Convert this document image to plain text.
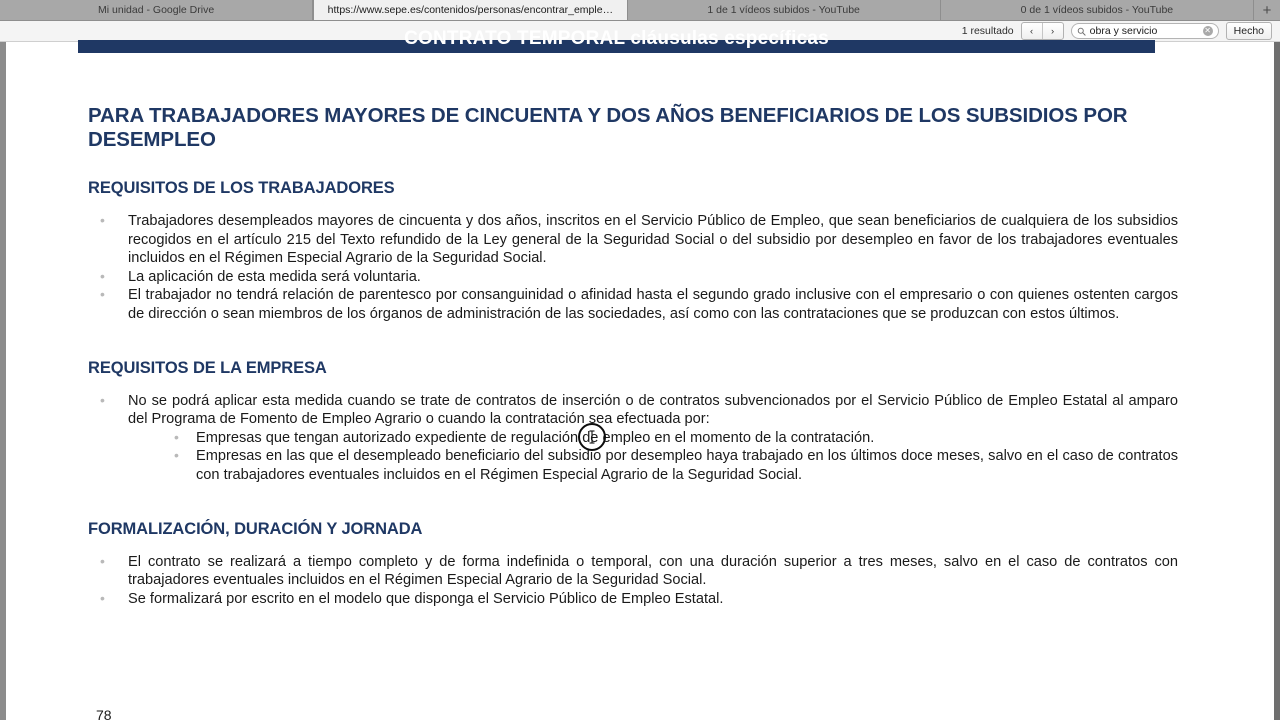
Mi unidad - Google Drive	https://www.sepe.es/contenidos/personas/encontrar_emple…	1 de 1 vídeos subidos - YouTube	0 de 1 vídeos subidos - YouTube	+
1 resultado	‹	›	obra y servicio	✕	Hecho
CONTRATO TEMPORAL cláusulas específicas
PARA TRABAJADORES MAYORES DE CINCUENTA Y DOS AÑOS BENEFICIARIOS DE LOS SUBSIDIOS POR DESEMPLEO
REQUISITOS DE LOS TRABAJADORES
• Trabajadores desempleados mayores de cincuenta y dos años, inscritos en el Servicio Público de Empleo, que sean beneficiarios de cualquiera de los subsidios recogidos en el artículo 215 del Texto refundido de la Ley general de la Seguridad Social o del subsidio por desempleo en favor de los trabajadores eventuales incluidos en el Régimen Especial Agrario de la Seguridad Social.
• La aplicación de esta medida será voluntaria.
• El trabajador no tendrá relación de parentesco por consanguinidad o afinidad hasta el segundo grado inclusive con el empresario o con quienes ostenten cargos de dirección o sean miembros de los órganos de administración de las sociedades, así como con las contrataciones que se produzcan con estos últimos.
REQUISITOS DE LA EMPRESA
• No se podrá aplicar esta medida cuando se trate de contratos de inserción o de contratos subvencionados por el Servicio Público de Empleo Estatal al amparo del Programa de Fomento de Empleo Agrario o cuando la contratación sea efectuada por:
• Empresas que tengan autorizado expediente de regulación de empleo en el momento de la contratación.
• Empresas en las que el desempleado beneficiario del subsidio por desempleo haya trabajado en los últimos doce meses, salvo en el caso de contratos con trabajadores eventuales incluidos en el Régimen Especial Agrario de la Seguridad Social.
FORMALIZACIÓN, DURACIÓN Y JORNADA
• El contrato se realizará a tiempo completo y de forma indefinida o temporal, con una duración superior a tres meses, salvo en el caso de contratos con trabajadores eventuales incluidos en el Régimen Especial Agrario de la Seguridad Social.
• Se formalizará por escrito en el modelo que disponga el Servicio Público de Empleo Estatal.
78
